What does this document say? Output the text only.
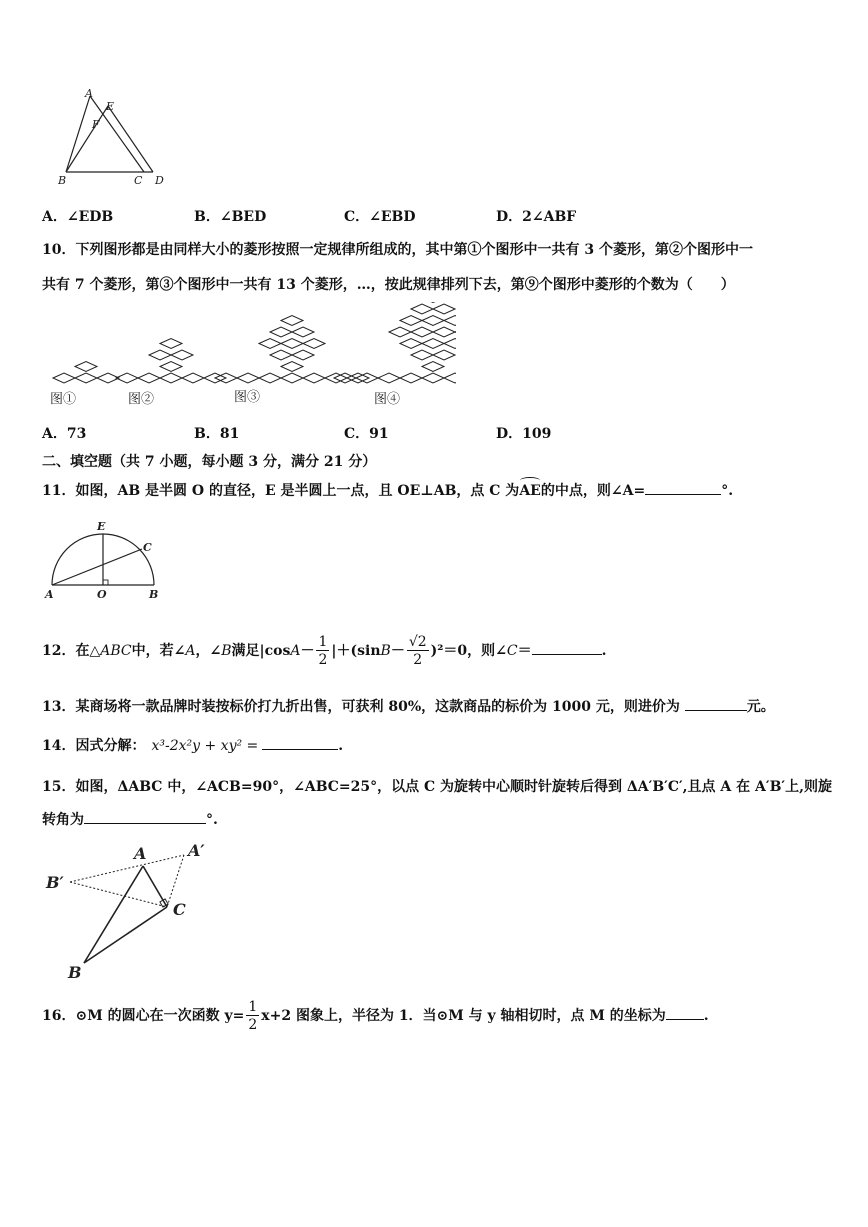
A
E
F
B	C D
A．∠EDB	B．∠BED	C．∠EBD	D．2∠ABF
10．下列图形都是由同样大小的菱形按照一定规律所组成的，其中第①个图形中一共有 3 个菱形，第②个图形中一
共有 7 个菱形，第③个图形中一共有 13 个菱形，…，按此规律排列下去，第⑨个图形中菱形的个数为（　　）
图①	图②	图③	图④
A．73	B．81	C．91	D．109
二、填空题（共 7 小题，每小题 3 分，满分 21 分）
11．如图，AB 是半圆 O 的直径，E 是半圆上一点，且 OE⊥AB，点 C 为AE
的中点，则∠A=	°.
E
C
A	O	B
12．在△ABC中，若∠A，∠B满足$|\cos A- \frac{1}{2} |+(\sin B- \frac{√2}{2} )^2=0$，则∠C＝	.
13．某商场将一款品牌时装按标价打九折出售，可获利 80%，这款商品的标价为 1000 元，则进价为	元。
14．因式分解： x³-2x²y + xy² =	.
15．如图，ΔABC 中，∠ACB=90°，∠ABC=25°，以点 C 为旋转中心顺时针旋转后得到 ΔA′B′C′,且点 A 在 A′B′上,则旋
转角为	°.
A	A′
B′
C
B
16．⊙M 的圆心在一次函数 $y= \frac{1}{2} x+2$ 图象上，半径为 1．当⊙M 与 y 轴相切时，点 M 的坐标为	.
